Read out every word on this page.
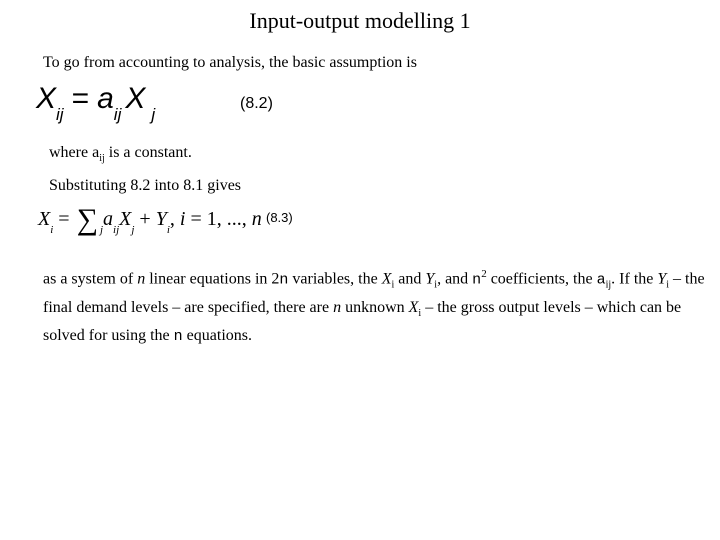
Input-output modelling 1
To go from accounting to analysis, the basic assumption is
Xij = aij X j
(8.2)
where $a_{ij}$ is a constant.
Substituting 8.2 into 8.1 gives
$X_i$ = ∑ $_ja_{ij}X_j + Y_i$, i = 1, ..., n (8.3)
as a system of n linear equations in 2n variables, the $X_i$ and $Y_i$, and $n^2$ coefficients, the $a_{ij}$. If the $Y_i$ – the final demand levels – are specified, there are n unknown $X_i$ – the gross output levels – which can be solved for using the n equations.
